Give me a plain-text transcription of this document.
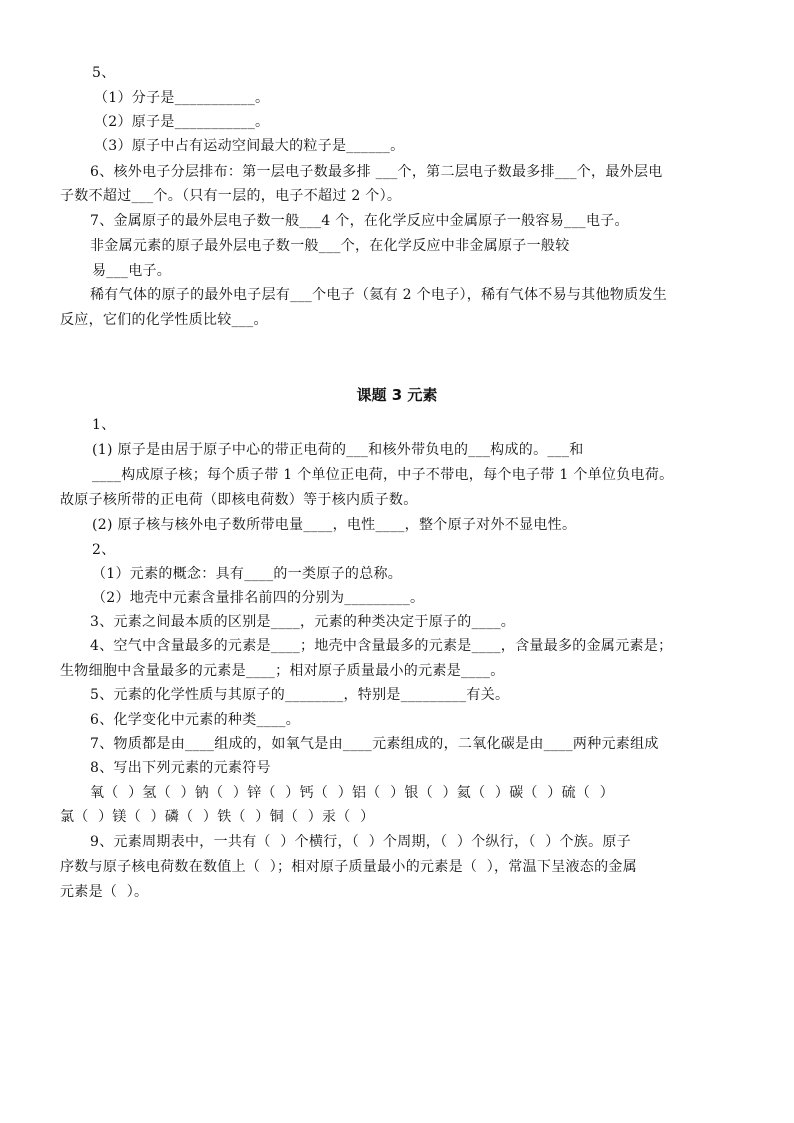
5、
（1）分子是___________。
（2）原子是___________。
（3）原子中占有运动空间最大的粒子是______。
6、核外电子分层排布：第一层电子数最多排 ___个，第二层电子数最多排___个，最外层电
子数不超过___个。（只有一层的，电子不超过 2 个）。
7、金属原子的最外层电子数一般___4 个，在化学反应中金属原子一般容易___电子。
非金属元素的原子最外层电子数一般___个，在化学反应中非金属原子一般较
易___电子。
稀有气体的原子的最外电子层有___个电子（氦有 2 个电子），稀有气体不易与其他物质发生
反应，它们的化学性质比较___。
课题 3 元素
1、
(1) 原子是由居于原子中心的带正电荷的___和核外带负电的___构成的。___和
____构成原子核；每个质子带 1 个单位正电荷，中子不带电，每个电子带 1 个单位负电荷。
故原子核所带的正电荷（即核电荷数）等于核内质子数。
(2) 原子核与核外电子数所带电量____，电性____，整个原子对外不显电性。
2、
（1）元素的概念：具有____的一类原子的总称。
（2）地壳中元素含量排名前四的分别为_________。
3、元素之间最本质的区别是____，元素的种类决定于原子的____。
4、空气中含量最多的元素是____；地壳中含量最多的元素是____，含量最多的金属元素是；
生物细胞中含量最多的元素是____；相对原子质量最小的元素是____。
5、元素的化学性质与其原子的________，特别是_________有关。
6、化学变化中元素的种类____。
7、物质都是由____组成的，如氧气是由____元素组成的，二氧化碳是由____两种元素组成
8、写出下列元素的元素符号
氧（  ）氢（  ）钠（  ）锌（  ）钙（  ）铝（  ）银（  ）氦（  ）碳（  ）硫（  ）
氯（  ）镁（  ）磷（  ）铁（  ）铜（  ）汞（  ）
9、元素周期表中，一共有（  ）个横行，（  ）个周期，（  ）个纵行，（  ）个族。原子
序数与原子核电荷数在数值上（  ）；相对原子质量最小的元素是（  ），常温下呈液态的金属
元素是（  ）。
